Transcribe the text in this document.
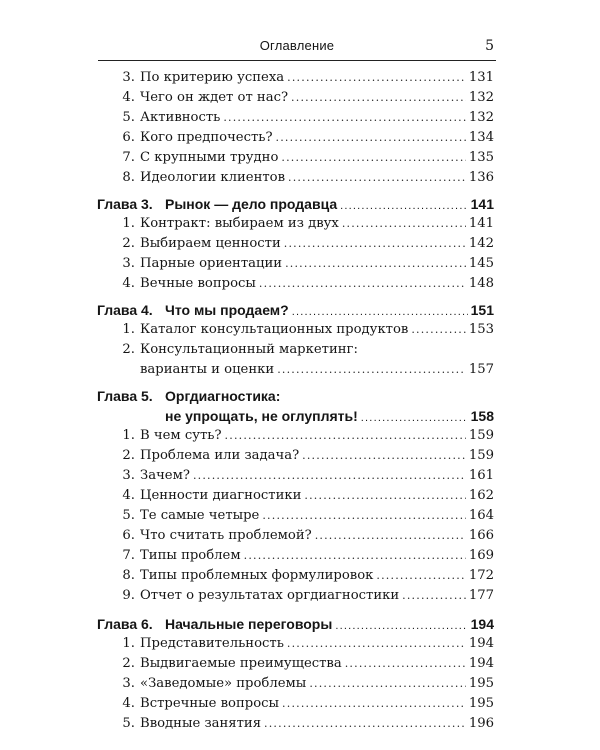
Оглавление	5
3. По критерию успеха .....	131
4. Чего он ждет от нас? .....	132
5. Активность .....	132
6. Кого предпочесть? .....	134
7. С крупными трудно .....	135
8. Идеологии клиентов .....	136
Глава 3. Рынок — дело продавца .....	141
1. Контракт: выбираем из двух .....	141
2. Выбираем ценности .....	142
3. Парные ориентации .....	145
4. Вечные вопросы .....	148
Глава 4. Что мы продаем? .....	151
1. Каталог консультационных продуктов .....	153
2. Консультационный маркетинг:
варианты и оценки .....	157
Глава 5. Оргдиагностика:
не упрощать, не оглуплять! .....	158
1. В чем суть? .....	159
2. Проблема или задача? .....	159
3. Зачем? .....	161
4. Ценности диагностики .....	162
5. Те самые четыре .....	164
6. Что считать проблемой? .....	166
7. Типы проблем .....	169
8. Типы проблемных формулировок .....	172
9. Отчет о результатах оргдиагностики .....	177
Глава 6. Начальные переговоры .....	194
1. Представительность .....	194
2. Выдвигаемые преимущества .....	194
3. «Заведомые» проблемы .....	195
4. Встречные вопросы .....	195
5. Вводные занятия .....	196
